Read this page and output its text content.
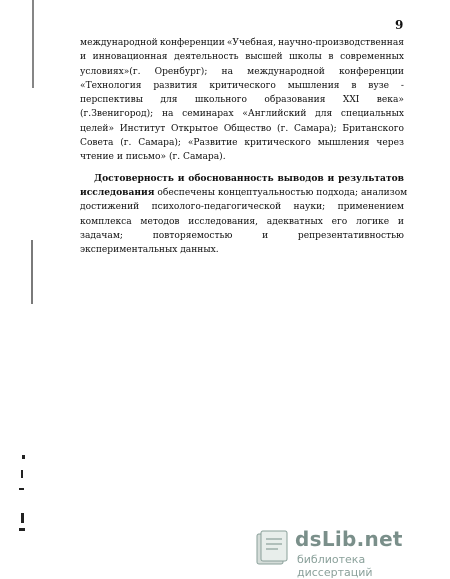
9
международной конференции «Учебная, научно-производственная
и инновационная деятельность высшей школы в современных
условиях»(г. Оренбург); на международной конференции
«Технология развития критического мышления в вузе -
перспективы для школьного образования XXI века»
(г.Звенигород); на семинарах «Английский для специальных
целей» Институт Открытое Общество (г. Самара); Британского
Совета (г. Самара); «Развитие критического мышления через
чтение и письмо» (г. Самара).
Достоверность и обоснованность выводов и результатов
исследования обеспечены концептуальностью подхода; анализом
достижений психолого-педагогической науки; применением
комплекса методов исследования, адекватных его логике и
задачам;	повторяемостью	и	репрезентативностью
экспериментальных данных.
dsLib.net
библиотека диссертаций
